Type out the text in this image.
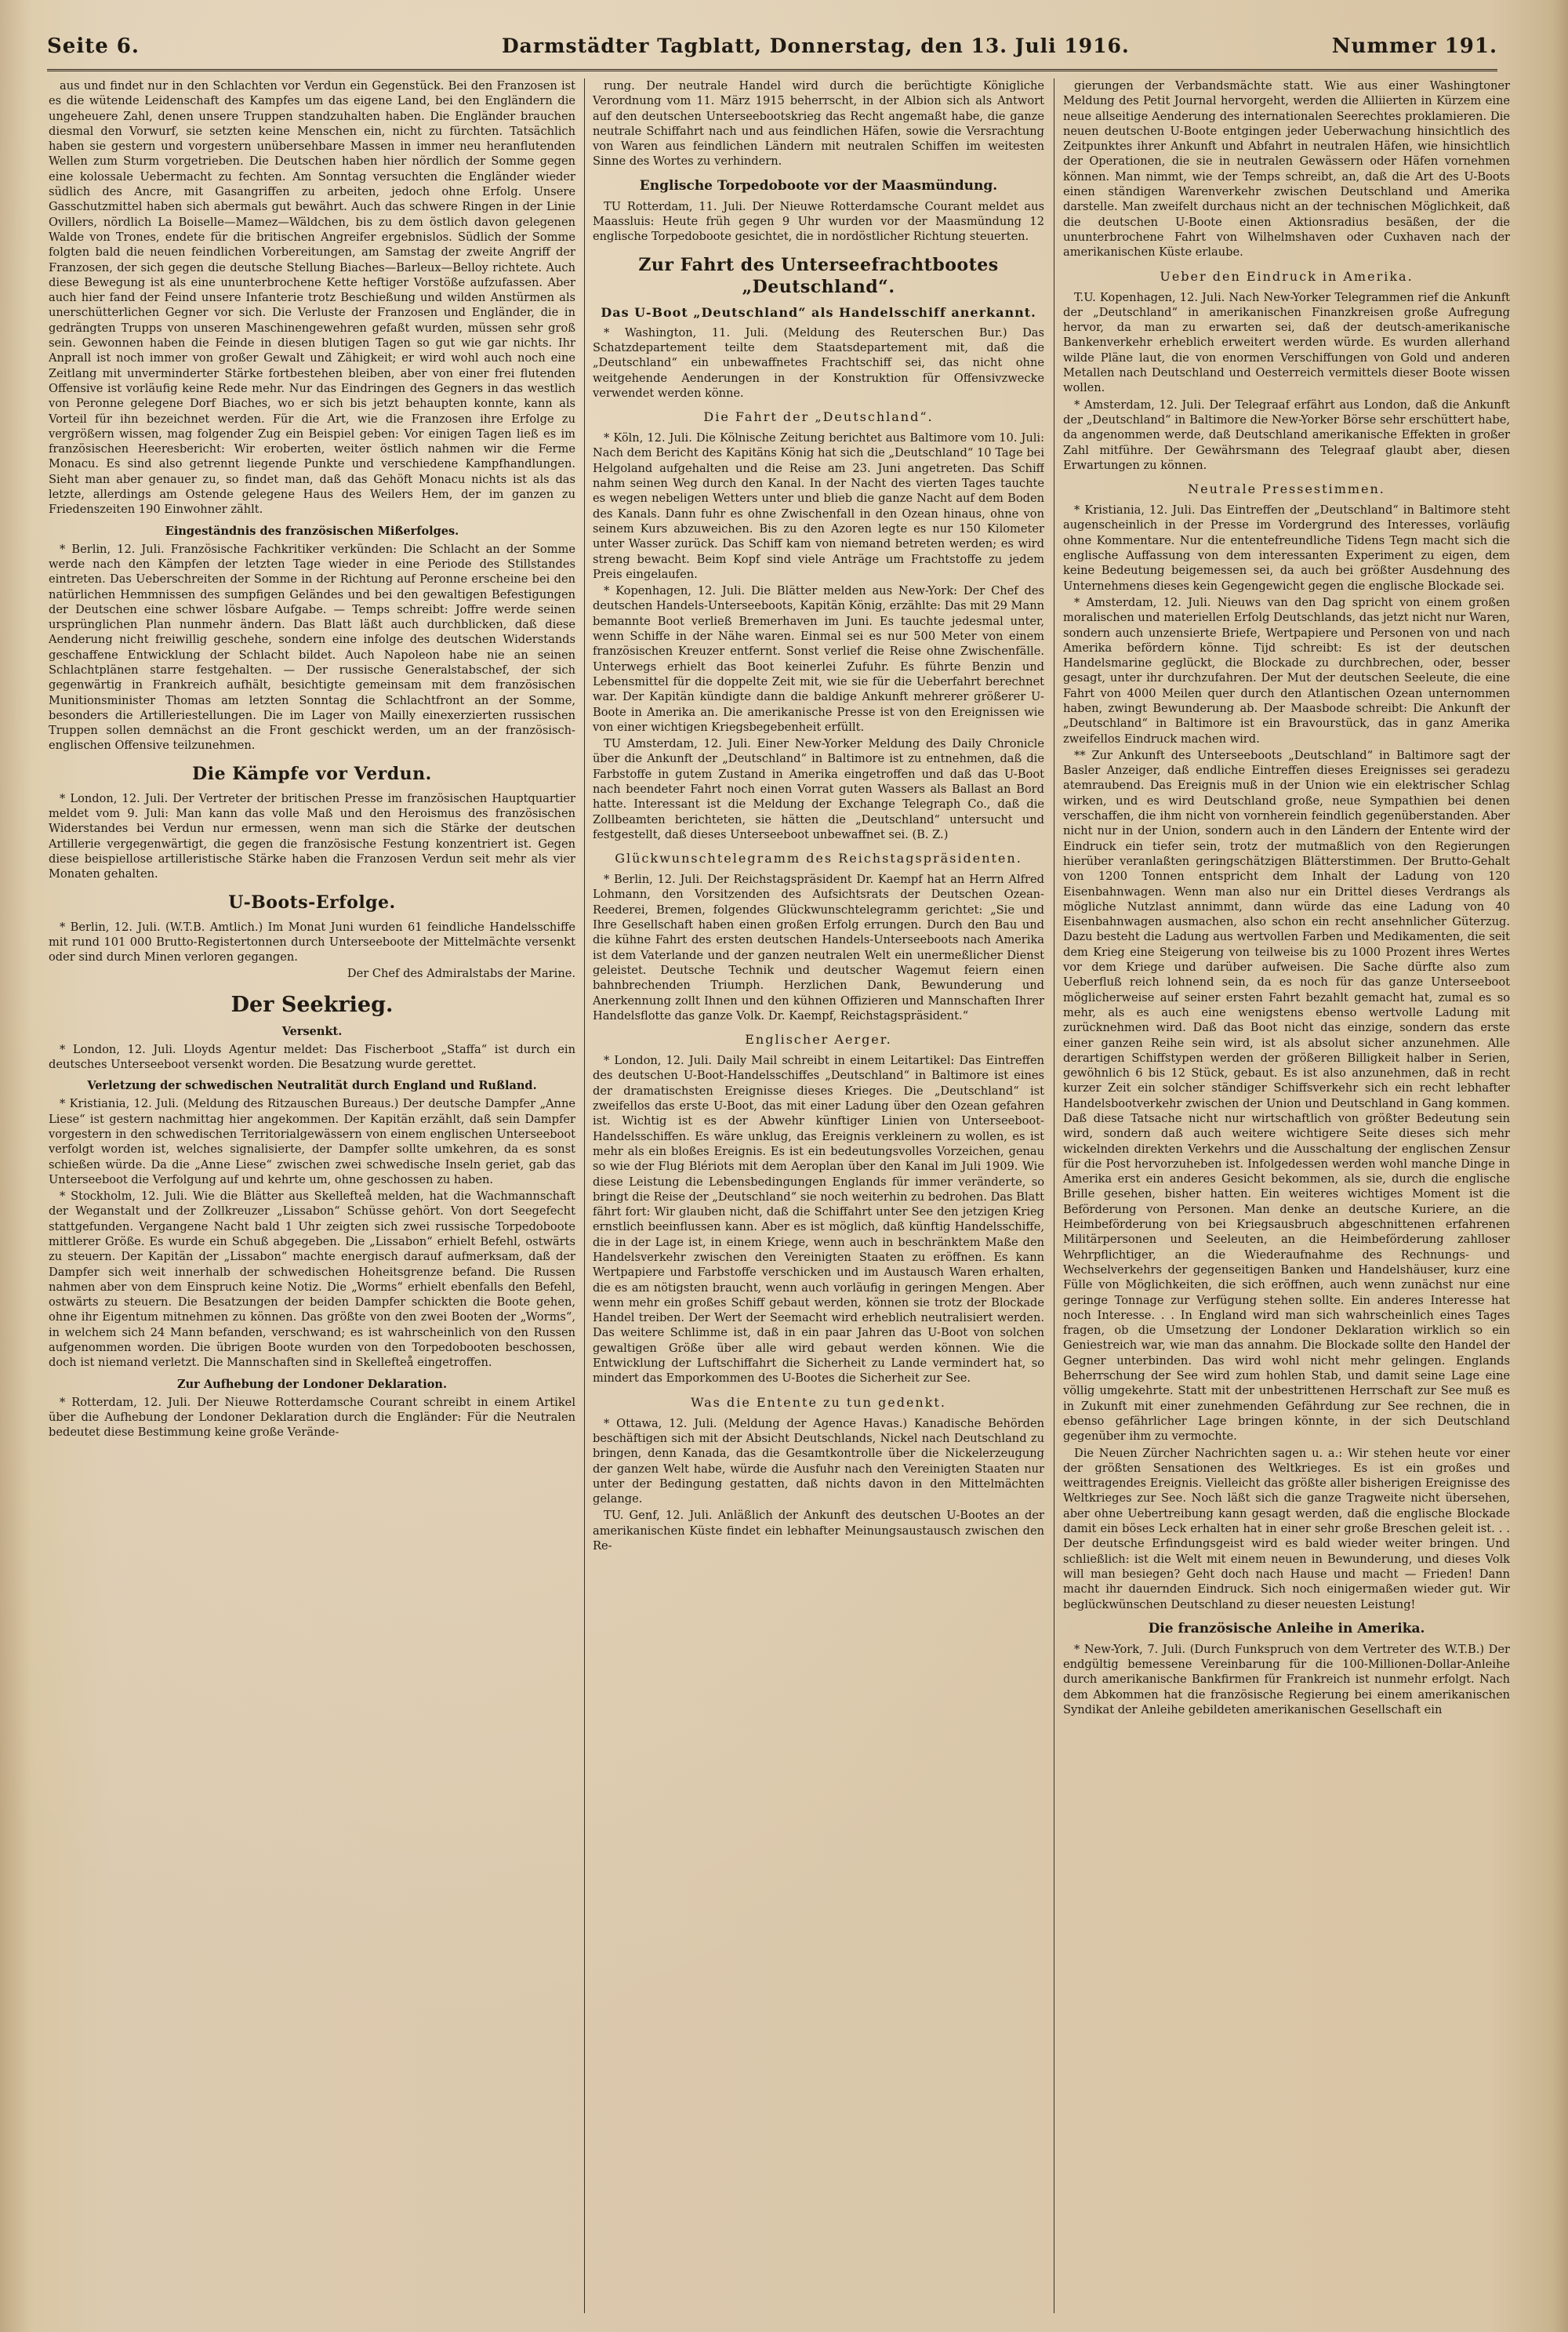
Seite 6.	Darmstädter Tagblatt, Donnerstag, den 13. Juli 1916.	Nummer 191.

aus und findet nur in den Schlachten vor Verdun ein Gegenstück. Bei den Franzosen ist es die wütende Leidenschaft des Kampfes um das eigene Land, bei den Engländern die ungeheuere Zahl, denen unsere Truppen standzuhalten haben. Die Engländer brauchen diesmal den Vorwurf, sie setzten keine Menschen ein, nicht zu fürchten. Tatsächlich haben sie gestern und vorgestern unübersehbare Massen in immer neu heranflutenden Wellen zum Sturm vorgetrieben. Die Deutschen haben hier nördlich der Somme gegen eine kolossale Uebermacht zu fechten. Am Sonntag versuchten die Engländer wieder südlich des Ancre, mit Gasangriffen zu arbeiten, jedoch ohne Erfolg. Unsere Gasschutzmittel haben sich abermals gut bewährt. Auch das schwere Ringen in der Linie Ovillers, nördlich La Boiselle—Mamez—Wäldchen, bis zu dem östlich davon gelegenen Walde von Trones, endete für die britischen Angreifer ergebnislos. Südlich der Somme folgten bald die neuen feindlichen Vorbereitungen, am Samstag der zweite Angriff der Franzosen, der sich gegen die deutsche Stellung Biaches—Barleux—Belloy richtete. Auch diese Bewegung ist als eine ununterbrochene Kette heftiger Vorstöße aufzufassen. Aber auch hier fand der Feind unsere Infanterie trotz Beschießung und wilden Anstürmen als unerschütterlichen Gegner vor sich. Die Verluste der Franzosen und Engländer, die in gedrängten Trupps von unseren Maschinengewehren gefaßt wurden, müssen sehr groß sein. Gewonnen haben die Feinde in diesen blutigen Tagen so gut wie gar nichts. Ihr Anprall ist noch immer von großer Gewalt und Zähigkeit; er wird wohl auch noch eine Zeitlang mit unverminderter Stärke fortbestehen bleiben, aber von einer frei flutenden Offensive ist vorläufig keine Rede mehr. Nur das Eindringen des Gegners in das westlich von Peronne gelegene Dorf Biaches, wo er sich bis jetzt behaupten konnte, kann als Vorteil für ihn bezeichnet werden. Für die Art, wie die Franzosen ihre Erfolge zu vergrößern wissen, mag folgender Zug ein Beispiel geben: Vor einigen Tagen ließ es im französischen Heeresbericht: Wir eroberten, weiter östlich nahmen wir die Ferme Monacu. Es sind also getrennt liegende Punkte und verschiedene Kampfhandlungen. Sieht man aber genauer zu, so findet man, daß das Gehöft Monacu nichts ist als das letzte, allerdings am Ostende gelegene Haus des Weilers Hem, der im ganzen zu Friedenszeiten 190 Einwohner zählt.

Eingeständnis des französischen Mißerfolges.

* Berlin, 12. Juli. Französische Fachkritiker verkünden: Die Schlacht an der Somme werde nach den Kämpfen der letzten Tage wieder in eine Periode des Stillstandes eintreten. Das Ueberschreiten der Somme in der Richtung auf Peronne erscheine bei den natürlichen Hemmnissen des sumpfigen Geländes und bei den gewaltigen Befestigungen der Deutschen eine schwer lösbare Aufgabe. — Temps schreibt: Joffre werde seinen ursprünglichen Plan nunmehr ändern. Das Blatt läßt auch durchblicken, daß diese Aenderung nicht freiwillig geschehe, sondern eine infolge des deutschen Widerstands geschaffene Entwicklung der Schlacht bildet. Auch Napoleon habe nie an seinen Schlachtplänen starre festgehalten. — Der russische Generalstabschef, der sich gegenwärtig in Frankreich aufhält, besichtigte gemeinsam mit dem französischen Munitionsminister Thomas am letzten Sonntag die Schlachtfront an der Somme, besonders die Artilleriestellungen. Die im Lager von Mailly einexerzierten russischen Truppen sollen demnächst an die Front geschickt werden, um an der französisch-englischen Offensive teilzunehmen.

Die Kämpfe vor Verdun.

* London, 12. Juli. Der Vertreter der britischen Presse im französischen Hauptquartier meldet vom 9. Juli: Man kann das volle Maß und den Heroismus des französischen Widerstandes bei Verdun nur ermessen, wenn man sich die Stärke der deutschen Artillerie vergegenwärtigt, die gegen die französische Festung konzentriert ist. Gegen diese beispiellose artilleristische Stärke haben die Franzosen Verdun seit mehr als vier Monaten gehalten.

U-Boots-Erfolge.

* Berlin, 12. Juli. (W.T.B. Amtlich.) Im Monat Juni wurden 61 feindliche Handelsschiffe mit rund 101 000 Brutto-Registertonnen durch Unterseeboote der Mittelmächte versenkt oder sind durch Minen verloren gegangen.

Der Chef des Admiralstabs der Marine.
Der Seekrieg.
Versenkt.

* London, 12. Juli. Lloyds Agentur meldet: Das Fischerboot „Staffa“ ist durch ein deutsches Unterseeboot versenkt worden. Die Besatzung wurde gerettet.

Verletzung der schwedischen Neutralität durch England und Rußland.

* Kristiania, 12. Juli. (Meldung des Ritzauschen Bureaus.) Der deutsche Dampfer „Anne Liese“ ist gestern nachmittag hier angekommen. Der Kapitän erzählt, daß sein Dampfer vorgestern in den schwedischen Territorialgewässern von einem englischen Unterseeboot verfolgt worden ist, welches signalisierte, der Dampfer sollte umkehren, da es sonst schießen würde. Da die „Anne Liese“ zwischen zwei schwedische Inseln geriet, gab das Unterseeboot die Verfolgung auf und kehrte um, ohne geschossen zu haben.

* Stockholm, 12. Juli. Wie die Blätter aus Skellefteå melden, hat die Wachmannschaft der Weganstalt und der Zollkreuzer „Lissabon“ Schüsse gehört. Von dort Seegefecht stattgefunden. Vergangene Nacht bald 1 Uhr zeigten sich zwei russische Torpedoboote mittlerer Größe. Es wurde ein Schuß abgegeben. Die „Lissabon“ erhielt Befehl, ostwärts zu steuern. Der Kapitän der „Lissabon“ machte energisch darauf aufmerksam, daß der Dampfer sich weit innerhalb der schwedischen Hoheitsgrenze befand. Die Russen nahmen aber von dem Einspruch keine Notiz. Die „Worms“ erhielt ebenfalls den Befehl, ostwärts zu steuern. Die Besatzungen der beiden Dampfer schickten die Boote gehen, ohne ihr Eigentum mitnehmen zu können. Das größte von den zwei Booten der „Worms“, in welchem sich 24 Mann befanden, verschwand; es ist wahrscheinlich von den Russen aufgenommen worden. Die übrigen Boote wurden von den Torpedobooten beschossen, doch ist niemand verletzt. Die Mannschaften sind in Skellefteå eingetroffen.

Zur Aufhebung der Londoner Deklaration.

* Rotterdam, 12. Juli. Der Nieuwe Rotterdamsche Courant schreibt in einem Artikel über die Aufhebung der Londoner Deklaration durch die Engländer: Für die Neutralen bedeutet diese Bestimmung keine große Verände-

rung. Der neutrale Handel wird durch die berüchtigte Königliche Verordnung vom 11. März 1915 beherrscht, in der Albion sich als Antwort auf den deutschen Unterseebootskrieg das Recht angemaßt habe, die ganze neutrale Schiffahrt nach und aus feindlichen Häfen, sowie die Versrachtung von Waren aus feindlichen Ländern mit neutralen Schiffen im weitesten Sinne des Wortes zu verhindern.

Englische Torpedoboote vor der Maasmündung.

TU Rotterdam, 11. Juli. Der Nieuwe Rotterdamsche Courant meldet aus Maassluis: Heute früh gegen 9 Uhr wurden vor der Maasmündung 12 englische Torpedoboote gesichtet, die in nordöstlicher Richtung steuerten.

Zur Fahrt des Unterseefrachtbootes „Deutschland“.
Das U-Boot „Deutschland“ als Handelsschiff anerkannt.

* Washington, 11. Juli. (Meldung des Reuterschen Bur.) Das Schatzdepartement teilte dem Staatsdepartement mit, daß die „Deutschland“ ein unbewaffnetes Frachtschiff sei, das nicht ohne weitgehende Aenderungen in der Konstruktion für Offensivzwecke verwendet werden könne.

Die Fahrt der „Deutschland“.

* Köln, 12. Juli. Die Kölnische Zeitung berichtet aus Baltimore vom 10. Juli: Nach dem Bericht des Kapitäns König hat sich die „Deutschland“ 10 Tage bei Helgoland aufgehalten und die Reise am 23. Juni angetreten. Das Schiff nahm seinen Weg durch den Kanal. In der Nacht des vierten Tages tauchte es wegen nebeligen Wetters unter und blieb die ganze Nacht auf dem Boden des Kanals. Dann fuhr es ohne Zwischenfall in den Ozean hinaus, ohne von seinem Kurs abzuweichen. Bis zu den Azoren legte es nur 150 Kilometer unter Wasser zurück. Das Schiff kam von niemand betreten werden; es wird streng bewacht. Beim Kopf sind viele Anträge um Frachtstoffe zu jedem Preis eingelaufen.

* Kopenhagen, 12. Juli. Die Blätter melden aus New-York: Der Chef des deutschen Handels-Unterseeboots, Kapitän König, erzählte: Das mit 29 Mann bemannte Boot verließ Bremerhaven im Juni. Es tauchte jedesmal unter, wenn Schiffe in der Nähe waren. Einmal sei es nur 500 Meter von einem französischen Kreuzer entfernt. Sonst verlief die Reise ohne Zwischenfälle. Unterwegs erhielt das Boot keinerlei Zufuhr. Es führte Benzin und Lebensmittel für die doppelte Zeit mit, wie sie für die Ueberfahrt berechnet war. Der Kapitän kündigte dann die baldige Ankunft mehrerer größerer U-Boote in Amerika an. Die amerikanische Presse ist von den Ereignissen wie von einer wichtigen Kriegsbegebenheit erfüllt.

TU Amsterdam, 12. Juli. Einer New-Yorker Meldung des Daily Chronicle über die Ankunft der „Deutschland“ in Baltimore ist zu entnehmen, daß die Farbstoffe in gutem Zustand in Amerika eingetroffen und daß das U-Boot nach beendeter Fahrt noch einen Vorrat guten Wassers als Ballast an Bord hatte. Interessant ist die Meldung der Exchange Telegraph Co., daß die Zollbeamten berichteten, sie hätten die „Deutschland“ untersucht und festgestellt, daß dieses Unterseeboot unbewaffnet sei. (B. Z.)

Glückwunschtelegramm des Reichstagspräsidenten.

* Berlin, 12. Juli. Der Reichstagspräsident Dr. Kaempf hat an Herrn Alfred Lohmann, den Vorsitzenden des Aufsichtsrats der Deutschen Ozean-Reederei, Bremen, folgendes Glückwunschtelegramm gerichtet: „Sie und Ihre Gesellschaft haben einen großen Erfolg errungen. Durch den Bau und die kühne Fahrt des ersten deutschen Handels-Unterseeboots nach Amerika ist dem Vaterlande und der ganzen neutralen Welt ein unermeßlicher Dienst geleistet. Deutsche Technik und deutscher Wagemut feiern einen bahnbrechenden Triumph. Herzlichen Dank, Bewunderung und Anerkennung zollt Ihnen und den kühnen Offizieren und Mannschaften Ihrer Handelsflotte das ganze Volk. Dr. Kaempf, Reichstagspräsident.“

Englischer Aerger.

* London, 12. Juli. Daily Mail schreibt in einem Leitartikel: Das Eintreffen des deutschen U-Boot-Handelsschiffes „Deutschland“ in Baltimore ist eines der dramatischsten Ereignisse dieses Krieges. Die „Deutschland“ ist zweifellos das erste U-Boot, das mit einer Ladung über den Ozean gefahren ist. Wichtig ist es der Abwehr künftiger Linien von Unterseeboot-Handelsschiffen. Es wäre unklug, das Ereignis verkleinern zu wollen, es ist mehr als ein bloßes Ereignis. Es ist ein bedeutungsvolles Vorzeichen, genau so wie der Flug Blériots mit dem Aeroplan über den Kanal im Juli 1909. Wie diese Leistung die Lebensbedingungen Englands für immer veränderte, so bringt die Reise der „Deutschland“ sie noch weiterhin zu bedrohen. Das Blatt fährt fort: Wir glauben nicht, daß die Schiffahrt unter See den jetzigen Krieg ernstlich beeinflussen kann. Aber es ist möglich, daß künftig Handelsschiffe, die in der Lage ist, in einem Kriege, wenn auch in beschränktem Maße den Handelsverkehr zwischen den Vereinigten Staaten zu eröffnen. Es kann Wertpapiere und Farbstoffe verschicken und im Austausch Waren erhalten, die es am nötigsten braucht, wenn auch vorläufig in geringen Mengen. Aber wenn mehr ein großes Schiff gebaut werden, können sie trotz der Blockade Handel treiben. Der Wert der Seemacht wird erheblich neutralisiert werden. Das weitere Schlimme ist, daß in ein paar Jahren das U-Boot von solchen gewaltigen Größe über alle wird gebaut werden können. Wie die Entwicklung der Luftschiffahrt die Sicherheit zu Lande vermindert hat, so mindert das Emporkommen des U-Bootes die Sicherheit zur See.

Was die Entente zu tun gedenkt.

* Ottawa, 12. Juli. (Meldung der Agence Havas.) Kanadische Behörden beschäftigen sich mit der Absicht Deutschlands, Nickel nach Deutschland zu bringen, denn Kanada, das die Gesamtkontrolle über die Nickelerzeugung der ganzen Welt habe, würde die Ausfuhr nach den Vereinigten Staaten nur unter der Bedingung gestatten, daß nichts davon in den Mittelmächten gelange.

TU. Genf, 12. Juli. Anläßlich der Ankunft des deutschen U-Bootes an der amerikanischen Küste findet ein lebhafter Meinungsaustausch zwischen den Re-

gierungen der Verbandsmächte statt. Wie aus einer Washingtoner Meldung des Petit Journal hervorgeht, werden die Alliierten in Kürzem eine neue allseitige Aenderung des internationalen Seerechtes proklamieren. Die neuen deutschen U-Boote entgingen jeder Ueberwachung hinsichtlich des Zeitpunktes ihrer Ankunft und Abfahrt in neutralen Häfen, wie hinsichtlich der Operationen, die sie in neutralen Gewässern oder Häfen vornehmen können. Man nimmt, wie der Temps schreibt, an, daß die Art des U-Boots einen ständigen Warenverkehr zwischen Deutschland und Amerika darstelle. Man zweifelt durchaus nicht an der technischen Möglichkeit, daß die deutschen U-Boote einen Aktionsradius besäßen, der die ununterbrochene Fahrt von Wilhelmshaven oder Cuxhaven nach der amerikanischen Küste erlaube.

Ueber den Eindruck in Amerika.

T.U. Kopenhagen, 12. Juli. Nach New-Yorker Telegrammen rief die Ankunft der „Deutschland“ in amerikanischen Finanzkreisen große Aufregung hervor, da man zu erwarten sei, daß der deutsch-amerikanische Bankenverkehr erheblich erweitert werden würde. Es wurden allerhand wilde Pläne laut, die von enormen Verschiffungen von Gold und anderen Metallen nach Deutschland und Oesterreich vermittels dieser Boote wissen wollen.

* Amsterdam, 12. Juli. Der Telegraaf erfährt aus London, daß die Ankunft der „Deutschland“ in Baltimore die New-Yorker Börse sehr erschüttert habe, da angenommen werde, daß Deutschland amerikanische Effekten in großer Zahl mitführe. Der Gewährsmann des Telegraaf glaubt aber, diesen Erwartungen zu können.

Neutrale Pressestimmen.

* Kristiania, 12. Juli. Das Eintreffen der „Deutschland“ in Baltimore steht augenscheinlich in der Presse im Vordergrund des Interesses, vorläufig ohne Kommentare. Nur die ententefreundliche Tidens Tegn macht sich die englische Auffassung von dem interessanten Experiment zu eigen, dem keine Bedeutung beigemessen sei, da auch bei größter Ausdehnung des Unternehmens dieses kein Gegengewicht gegen die englische Blockade sei.

* Amsterdam, 12. Juli. Nieuws van den Dag spricht von einem großen moralischen und materiellen Erfolg Deutschlands, das jetzt nicht nur Waren, sondern auch unzensierte Briefe, Wertpapiere und Personen von und nach Amerika befördern könne. Tijd schreibt: Es ist der deutschen Handelsmarine geglückt, die Blockade zu durchbrechen, oder, besser gesagt, unter ihr durchzufahren. Der Mut der deutschen Seeleute, die eine Fahrt von 4000 Meilen quer durch den Atlantischen Ozean unternommen haben, zwingt Bewunderung ab. Der Maasbode schreibt: Die Ankunft der „Deutschland“ in Baltimore ist ein Bravourstück, das in ganz Amerika zweifellos Eindruck machen wird.

** Zur Ankunft des Unterseeboots „Deutschland“ in Baltimore sagt der Basler Anzeiger, daß endliche Eintreffen dieses Ereignisses sei geradezu atemraubend. Das Ereignis muß in der Union wie ein elektrischer Schlag wirken, und es wird Deutschland große, neue Sympathien bei denen verschaffen, die ihm nicht von vornherein feindlich gegenüberstanden. Aber nicht nur in der Union, sondern auch in den Ländern der Entente wird der Eindruck ein tiefer sein, trotz der mutmaßlich von den Regierungen hierüber veranlaßten geringschätzigen Blätterstimmen. Der Brutto-Gehalt von 1200 Tonnen entspricht dem Inhalt der Ladung von 120 Eisenbahnwagen. Wenn man also nur ein Drittel dieses Verdrangs als mögliche Nutzlast annimmt, dann würde das eine Ladung von 40 Eisenbahnwagen ausmachen, also schon ein recht ansehnlicher Güterzug. Dazu besteht die Ladung aus wertvollen Farben und Medikamenten, die seit dem Krieg eine Steigerung von teilweise bis zu 1000 Prozent ihres Wertes vor dem Kriege und darüber aufweisen. Die Sache dürfte also zum Ueberfluß reich lohnend sein, da es noch für das ganze Unterseeboot möglicherweise auf seiner ersten Fahrt bezahlt gemacht hat, zumal es so mehr, als es auch eine wenigstens ebenso wertvolle Ladung mit zurücknehmen wird. Daß das Boot nicht das einzige, sondern das erste einer ganzen Reihe sein wird, ist als absolut sicher anzunehmen. Alle derartigen Schiffstypen werden der größeren Billigkeit halber in Serien, gewöhnlich 6 bis 12 Stück, gebaut. Es ist also anzunehmen, daß in recht kurzer Zeit ein solcher ständiger Schiffsverkehr sich ein recht lebhafter Handelsbootverkehr zwischen der Union und Deutschland in Gang kommen. Daß diese Tatsache nicht nur wirtschaftlich von größter Bedeutung sein wird, sondern daß auch weitere wichtigere Seite dieses sich mehr wickelnden direkten Verkehrs und die Ausschaltung der englischen Zensur für die Post hervorzuheben ist. Infolgedessen werden wohl manche Dinge in Amerika erst ein anderes Gesicht bekommen, als sie, durch die englische Brille gesehen, bisher hatten. Ein weiteres wichtiges Moment ist die Beförderung von Personen. Man denke an deutsche Kuriere, an die Heimbeförderung von bei Kriegsausbruch abgeschnittenen erfahrenen Militärpersonen und Seeleuten, an die Heimbeförderung zahlloser Wehrpflichtiger, an die Wiederaufnahme des Rechnungs- und Wechselverkehrs der gegenseitigen Banken und Handelshäuser, kurz eine Fülle von Möglichkeiten, die sich eröffnen, auch wenn zunächst nur eine geringe Tonnage zur Verfügung stehen sollte. Ein anderes Interesse hat noch Interesse. . . In England wird man sich wahrscheinlich eines Tages fragen, ob die Umsetzung der Londoner Deklaration wirklich so ein Geniestreich war, wie man das annahm. Die Blockade sollte den Handel der Gegner unterbinden. Das wird wohl nicht mehr gelingen. Englands Beherrschung der See wird zum hohlen Stab, und damit seine Lage eine völlig umgekehrte. Statt mit der unbestrittenen Herrschaft zur See muß es in Zukunft mit einer zunehmenden Gefährdung zur See rechnen, die in ebenso gefährlicher Lage bringen könnte, in der sich Deutschland gegenüber ihm zu vermochte.

Die Neuen Zürcher Nachrichten sagen u. a.: Wir stehen heute vor einer der größten Sensationen des Weltkrieges. Es ist ein großes und weittragendes Ereignis. Vielleicht das größte aller bisherigen Ereignisse des Weltkrieges zur See. Noch läßt sich die ganze Tragweite nicht übersehen, aber ohne Uebertreibung kann gesagt werden, daß die englische Blockade damit ein böses Leck erhalten hat in einer sehr große Breschen geleit ist. . . Der deutsche Erfindungsgeist wird es bald wieder weiter bringen. Und schließlich: ist die Welt mit einem neuen in Bewunderung, und dieses Volk will man besiegen? Geht doch nach Hause und macht — Frieden! Dann macht ihr dauernden Eindruck. Sich noch einigermaßen wieder gut. Wir beglückwünschen Deutschland zu dieser neuesten Leistung!

Die französische Anleihe in Amerika.

* New-York, 7. Juli. (Durch Funkspruch von dem Vertreter des W.T.B.) Der endgültig bemessene Vereinbarung für die 100-Millionen-Dollar-Anleihe durch amerikanische Bankfirmen für Frankreich ist nunmehr erfolgt. Nach dem Abkommen hat die französische Regierung bei einem amerikanischen Syndikat der Anleihe gebildeten amerikanischen Gesellschaft ein
